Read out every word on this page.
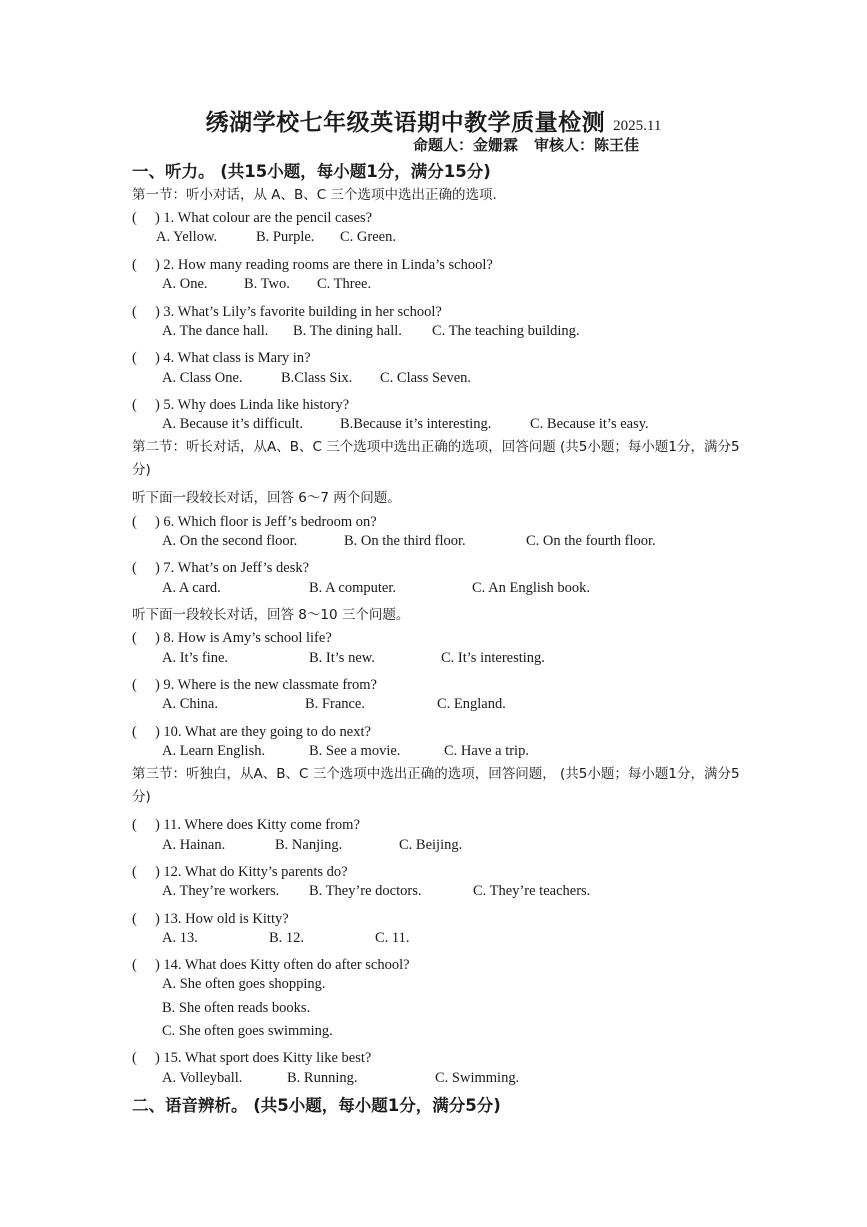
绣湖学校七年级英语期中教学质量检测 2025.11
命题人：金姗霖 审核人：陈王佳
一、听力。 (共15小题，每小题1分，满分15分)
第一节：听小对话，从 A、B、C 三个选项中选出正确的选项.
(　 ) 1. What colour are the pencil cases?
A. Yellow.	B. Purple. C. Green.
(　 ) 2. How many reading rooms are there in Linda’s school?
A. One.	B. Two. C. Three.
(　 ) 3. What’s Lily’s favorite building in her school?
A. The dance hall. B. The dining hall. C. The teaching building.
(　 ) 4. What class is Mary in?
A. Class One.	B.Class Six. C. Class Seven.
(　 ) 5. Why does Linda like history?
A. Because it’s difficult.	B.Because it’s interesting.	C. Because it’s easy.
第二节：听长对话，从A、B、C 三个选项中选出正确的选项，回答问题 (共5小题；每小题1分，满分5分)
听下面一段较长对话，回答 6～7 两个问题。
(　 ) 6. Which floor is Jeff’s bedroom on?
A. On the second floor.	B. On the third floor.	C. On the fourth floor.
(　 ) 7. What’s on Jeff’s desk?
A. A card.	B. A computer.	C. An English book.
听下面一段较长对话，回答 8～10 三个问题。
(　 ) 8. How is Amy’s school life?
A. It’s fine.	B. It’s new.	C. It’s interesting.
(　 ) 9. Where is the new classmate from?
A. China.	B. France.	C. England.
(　 ) 10. What are they going to do next?
A. Learn English.	B. See a movie.	C. Have a trip.
第三节：听独白，从A、B、C 三个选项中选出正确的选项，回答问题， (共5小题；每小题1分，满分5分)
(　 ) 11. Where does Kitty come from?
A. Hainan.	B. Nanjing.	C. Beijing.
(　 ) 12. What do Kitty’s parents do?
A. They’re workers. B. They’re doctors.	C. They’re teachers.
(　 ) 13. How old is Kitty?
A. 13.	B. 12.	C. 11.
(　 ) 14. What does Kitty often do after school?
A. She often goes shopping.
B. She often reads books.
C. She often goes swimming.
(　 ) 15. What sport does Kitty like best?
A. Volleyball.	B. Running.	C. Swimming.
二、语音辨析。 (共5小题，每小题1分，满分5分)
